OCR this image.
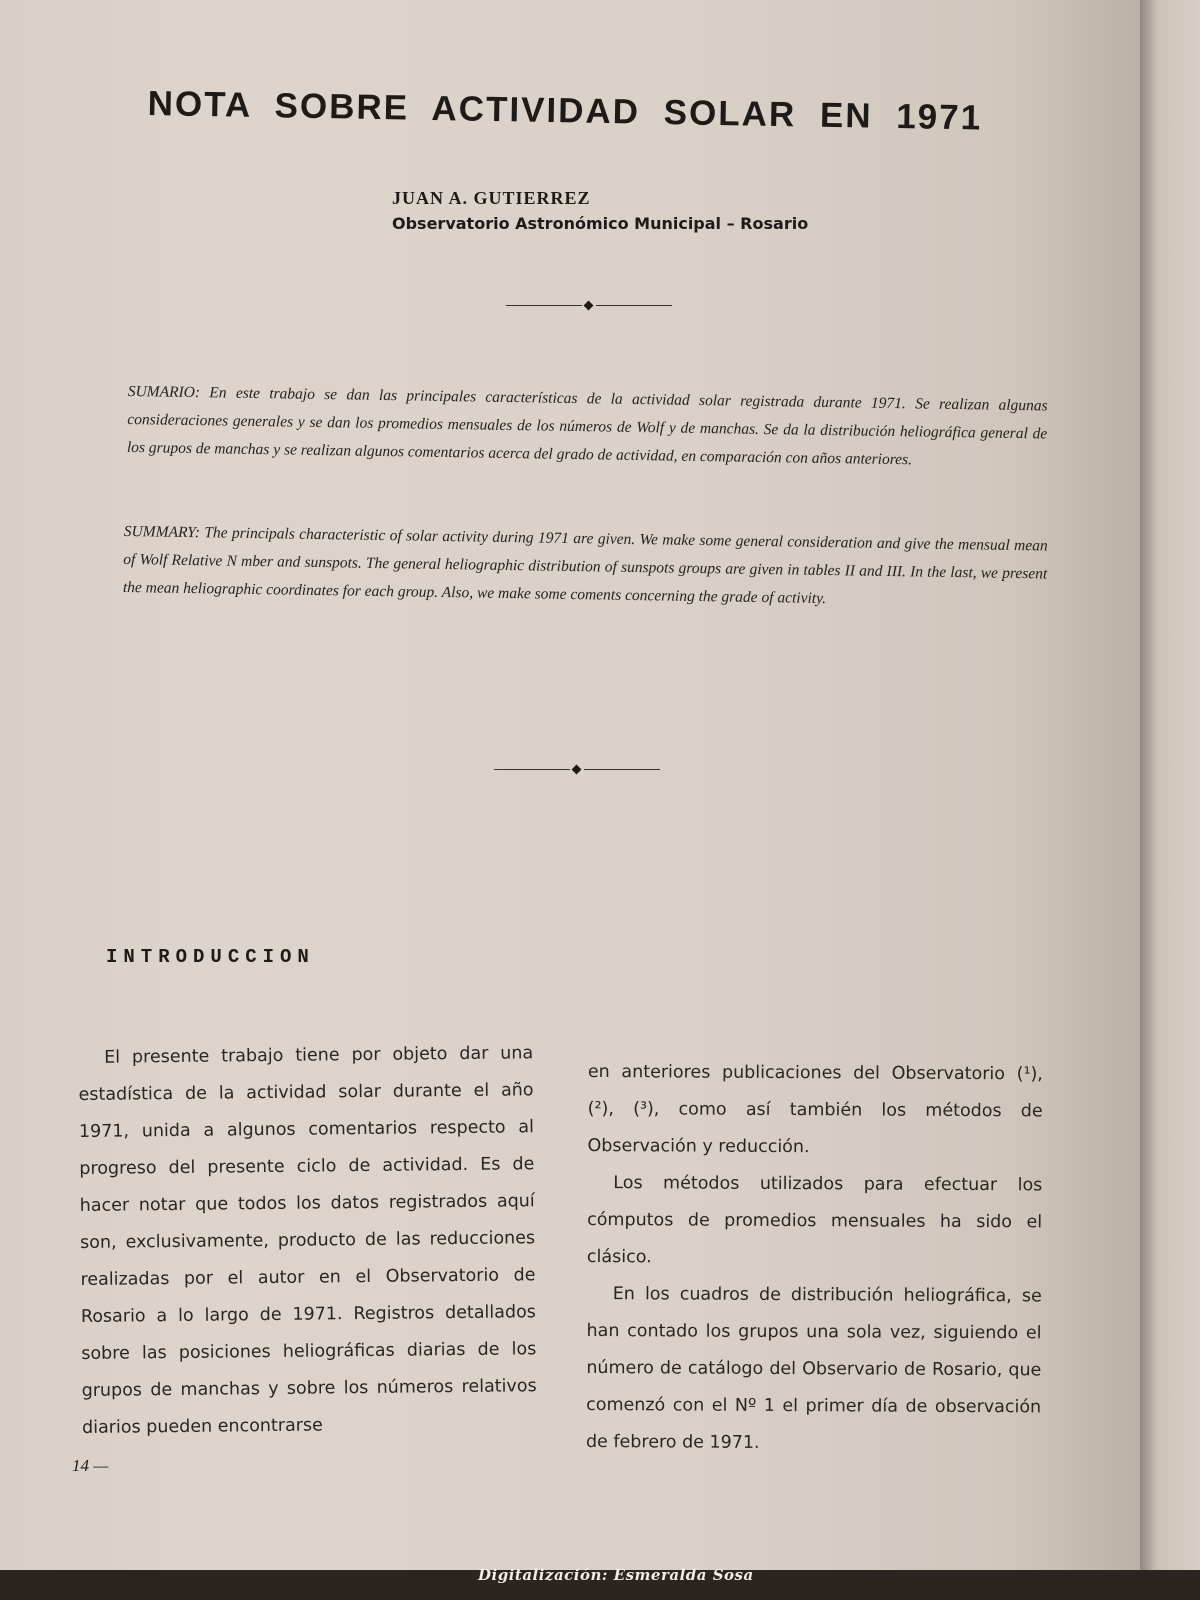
NOTA SOBRE ACTIVIDAD SOLAR EN 1971
JUAN A. GUTIERREZ
Observatorio Astronómico Municipal – Rosario
SUMARIO: En este trabajo se dan las principales características de la actividad solar registrada durante 1971. Se realizan algunas consideraciones generales y se dan los promedios mensuales de los números de Wolf y de manchas. Se da la distribución heliográfica general de los grupos de manchas y se realizan algunos comentarios acerca del grado de actividad, en comparación con años anteriores.
SUMMARY: The principals characteristic of solar activity during 1971 are given. We make some general consideration and give the mensual mean of Wolf Relative N mber and sunspots. The general heliographic distribution of sunspots groups are given in tables II and III. In the last, we present the mean heliographic coordinates for each group. Also, we make some coments concerning the grade of activity.
INTRODUCCION

El presente trabajo tiene por objeto dar una estadística de la actividad solar durante el año 1971, unida a algunos comentarios respecto al progreso del presente ciclo de actividad. Es de hacer notar que todos los datos registrados aquí son, exclusivamente, producto de las reducciones realizadas por el autor en el Observatorio de Rosario a lo largo de 1971. Registros detallados sobre las posiciones heliográficas diarias de los grupos de manchas y sobre los números relativos diarios pueden encontrarse

en anteriores publicaciones del Observatorio (¹), (²), (³), como así también los métodos de Observación y reducción.

Los métodos utilizados para efectuar los cómputos de promedios mensuales ha sido el clásico.

En los cuadros de distribución heliográfica, se han contado los grupos una sola vez, siguiendo el número de catálogo del Observario de Rosario, que comenzó con el Nº 1 el primer día de observación de febrero de 1971.

14 —
Digitalización: Esmeralda Sosa
